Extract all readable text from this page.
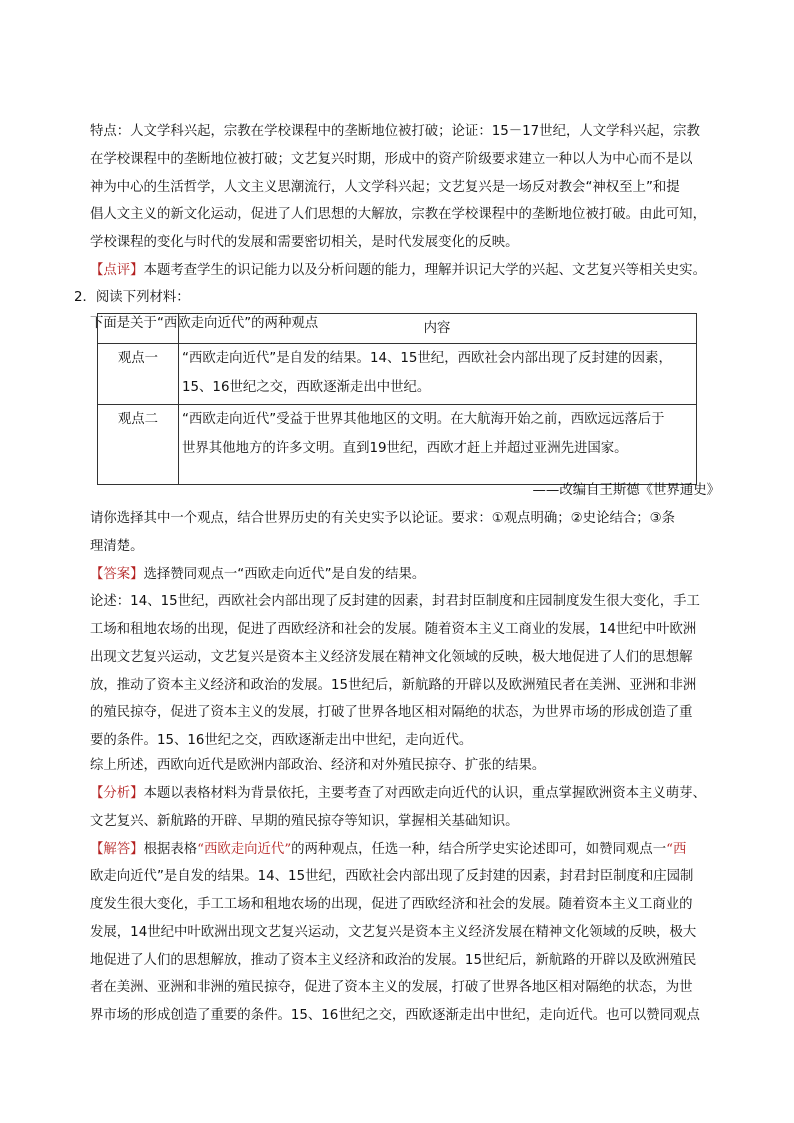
特点：人文学科兴起，宗教在学校课程中的垄断地位被打破；论证：15－17世纪，人文学科兴起，宗教
在学校课程中的垄断地位被打破；文艺复兴时期，形成中的资产阶级要求建立一种以人为中心而不是以
神为中心的生活哲学，人文主义思潮流行，人文学科兴起；文艺复兴是一场反对教会“神权至上”和提
倡人文主义的新文化运动，促进了人们思想的大解放，宗教在学校课程中的垄断地位被打破。由此可知，
学校课程的变化与时代的发展和需要密切相关，是时代发展变化的反映。
【点评】本题考查学生的识记能力以及分析问题的能力，理解并识记大学的兴起、文艺复兴等相关史实。
2．阅读下列材料：
下面是关于“西欧走向近代”的两种观点
		内容
观点一	“西欧走向近代”是自发的结果。14、15世纪，西欧社会内部出现了反封建的因素，
15、16世纪之交，西欧逐渐走出中世纪。

观点二	“西欧走向近代”受益于世界其他地区的文明。在大航海开始之前，西欧远远落后于
世界其他地方的许多文明。直到19世纪，西欧才赶上并超过亚洲先进国家。
——改编自王斯德《世界通史》
请你选择其中一个观点，结合世界历史的有关史实予以论证。要求：①观点明确；②史论结合；③条
理清楚。
【答案】选择赞同观点一“西欧走向近代”是自发的结果。
论述：14、15世纪，西欧社会内部出现了反封建的因素，封君封臣制度和庄园制度发生很大变化，手工
工场和租地农场的出现，促进了西欧经济和社会的发展。随着资本主义工商业的发展，14世纪中叶欧洲
出现文艺复兴运动，文艺复兴是资本主义经济发展在精神文化领域的反映，极大地促进了人们的思想解
放，推动了资本主义经济和政治的发展。15世纪后，新航路的开辟以及欧洲殖民者在美洲、亚洲和非洲
的殖民掠夺，促进了资本主义的发展，打破了世界各地区相对隔绝的状态，为世界市场的形成创造了重
要的条件。15、16世纪之交，西欧逐渐走出中世纪，走向近代。
综上所述，西欧向近代是欧洲内部政治、经济和对外殖民掠夺、扩张的结果。
【分析】本题以表格材料为背景依托，主要考查了对西欧走向近代的认识，重点掌握欧洲资本主义萌芽、
文艺复兴、新航路的开辟、早期的殖民掠夺等知识，掌握相关基础知识。
【解答】根据表格“西欧走向近代”的两种观点，任选一种，结合所学史实论述即可，如赞同观点一“西
欧走向近代”是自发的结果。14、15世纪，西欧社会内部出现了反封建的因素，封君封臣制度和庄园制
度发生很大变化，手工工场和租地农场的出现，促进了西欧经济和社会的发展。随着资本主义工商业的
发展，14世纪中叶欧洲出现文艺复兴运动，文艺复兴是资本主义经济发展在精神文化领域的反映，极大
地促进了人们的思想解放，推动了资本主义经济和政治的发展。15世纪后，新航路的开辟以及欧洲殖民
者在美洲、亚洲和非洲的殖民掠夺，促进了资本主义的发展，打破了世界各地区相对隔绝的状态，为世
界市场的形成创造了重要的条件。15、16世纪之交，西欧逐渐走出中世纪，走向近代。也可以赞同观点
